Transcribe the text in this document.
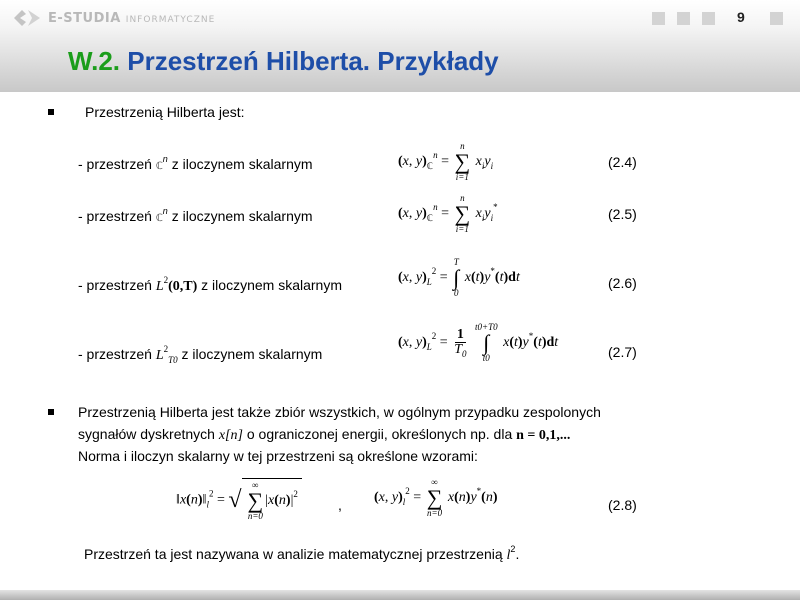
E-STUDIA INFORMATYCZNE	9
W.2. Przestrzeń Hilberta. Przykłady
Przestrzenią Hilberta jest:
- przestrzeń ℂ$^n$ z iloczynem skalarnym	(x, $y)_ℂ^n$ =
n
∑
i=1
$x_iy_i$	(2.4)
- przestrzeń ℂ$^n$ z iloczynem skalarnym	(x, $y)_ℂ^n$ =
n
∑
i=1
$x_iy_i^*$	(2.5)
- przestrzeń $L^2(0,T)$ z iloczynem skalarnym	(x, $y)_L^2$ =
T
∫
0
x(t)y*(t)dt	(2.6)
- przestrzeń $L^2_{T0}$ z iloczynem skalarnym
(x, $y)_L^2 = \frac{1}{T_0}$

t0+T0
∫
t0
x(t)y*(t)dt
(2.7)
Przestrzenią Hilberta jest także zbiór wszystkich, w ogólnym przypadku zespolonych
sygnałów dyskretnych x[n] o ograniczonej energii, określonych np. dla n = 0,1,...
Norma i iloczyn skalarny w tej przestrzeni są określone wzorami:
$‖x(n)‖_l^2$ = √
∞
∑
n=0
$|x(n)|^2$
, (x, $y)_l^2$ =
∞
∑
n=0
x(n)y*(n)	(2.8)
Przestrzeń ta jest nazywana w analizie matematycznej przestrzenią $l^2$.
